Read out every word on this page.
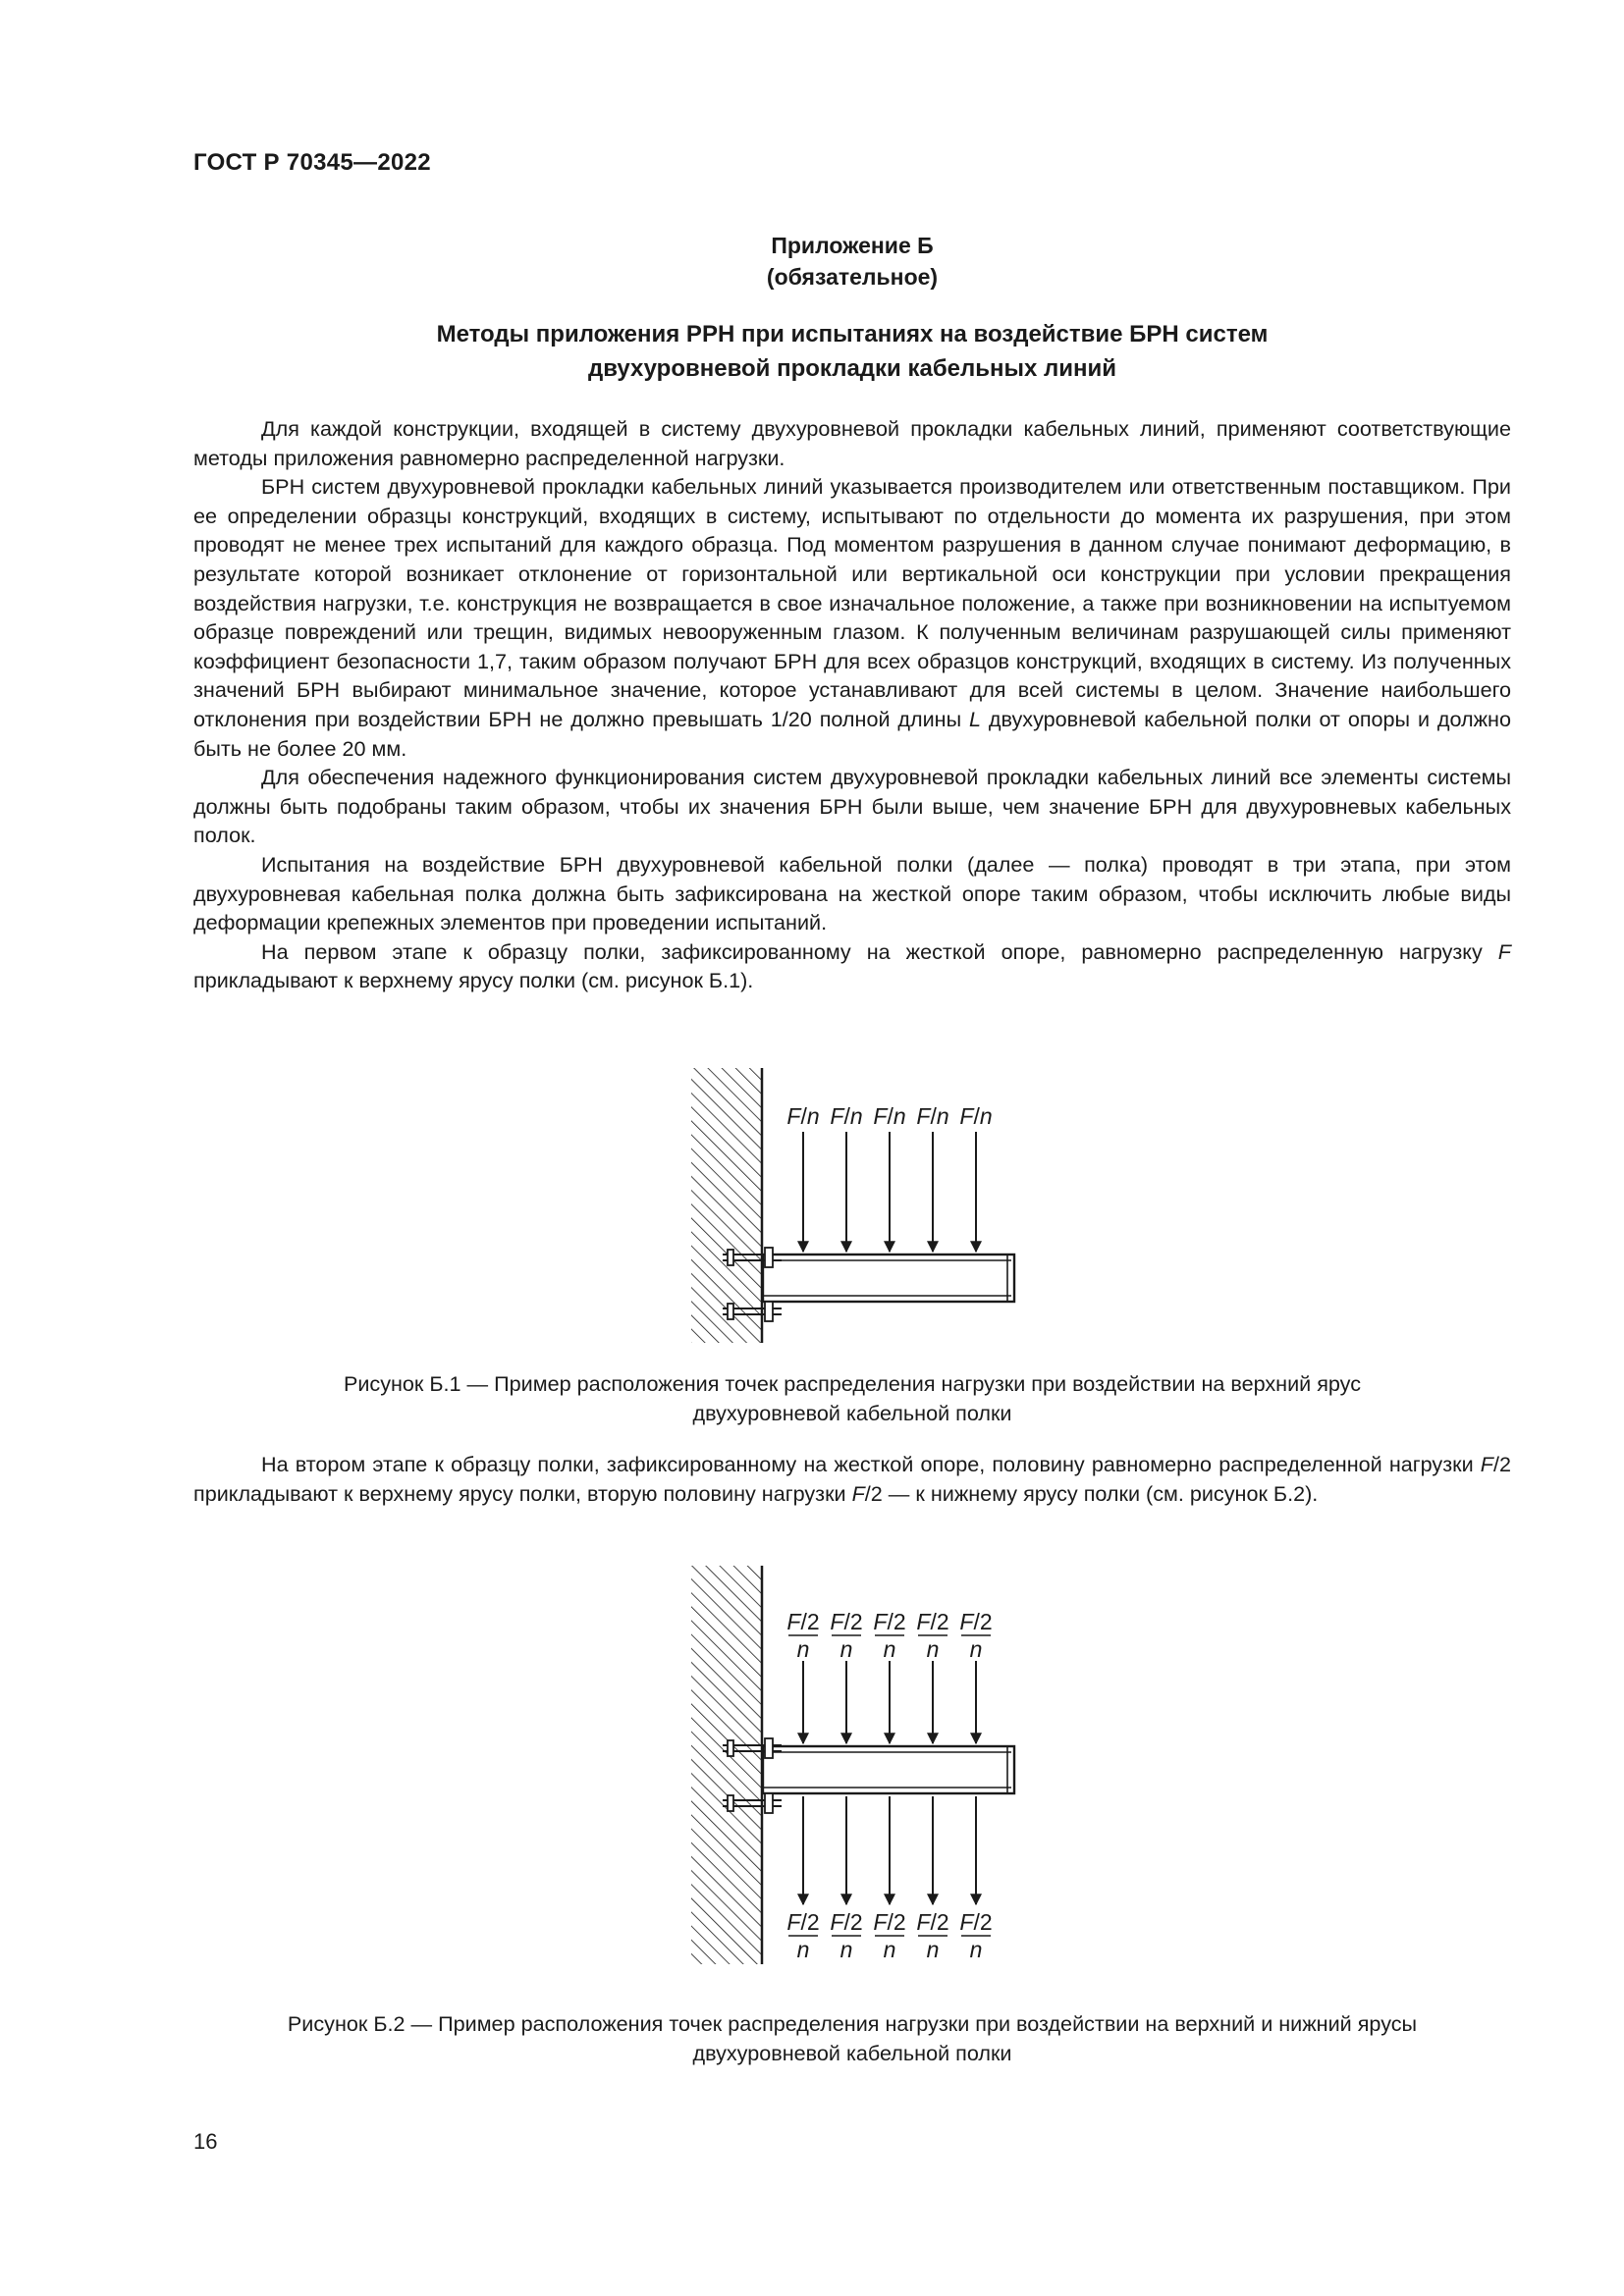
ГОСТ Р 70345—2022
Приложение Б
(обязательное)
Методы приложения РРН при испытаниях на воздействие БРН систем
двухуровневой прокладки кабельных линий

Для каждой конструкции, входящей в систему двухуровневой прокладки кабельных линий, применяют соответствующие методы приложения равномерно распределенной нагрузки.

БРН систем двухуровневой прокладки кабельных линий указывается производителем или ответственным поставщиком. При ее определении образцы конструкций, входящих в систему, испытывают по отдельности до момента их разрушения, при этом проводят не менее трех испытаний для каждого образца. Под моментом разрушения в данном случае понимают деформацию, в результате которой возникает отклонение от горизонтальной или вертикальной оси конструкции при условии прекращения воздействия нагрузки, т.е. конструкция не возвращается в свое изначальное положение, а также при возникновении на испытуемом образце повреждений или трещин, видимых невооруженным глазом. К полученным величинам разрушающей силы применяют коэффициент безопасности 1,7, таким образом получают БРН для всех образцов конструкций, входящих в систему. Из полученных значений БРН выбирают минимальное значение, которое устанавливают для всей системы в целом. Значение наибольшего отклонения при воздействии БРН не должно превышать 1/20 полной длины L двухуровневой кабельной полки от опоры и должно быть не более 20 мм.

Для обеспечения надежного функционирования систем двухуровневой прокладки кабельных линий все элементы системы должны быть подобраны таким образом, чтобы их значения БРН были выше, чем значение БРН для двухуровневых кабельных полок.

Испытания на воздействие БРН двухуровневой кабельной полки (далее — полка) проводят в три этапа, при этом двухуровневая кабельная полка должна быть зафиксирована на жесткой опоре таким образом, чтобы исключить любые виды деформации крепежных элементов при проведении испытаний.

На первом этапе к образцу полки, зафиксированному на жесткой опоре, равномерно распределенную нагрузку F прикладывают к верхнему ярусу полки (см. рисунок Б.1).

F/n F/n F/n F/n F/n
Рисунок Б.1 — Пример расположения точек распределения нагрузки при воздействии на верхний ярус
двухуровневой кабельной полки

На втором этапе к образцу полки, зафиксированному на жесткой опоре, половину равномерно распределенной нагрузки F/2 прикладывают к верхнему ярусу полки, вторую половину нагрузки F/2 — к нижнему ярусу полки (см. рисунок Б.2).

F/2
n
F/2
n
F/2
n
F/2
n
F/2
n
F/2
n
F/2
n
F/2
n
F/2
n
F/2
n
Рисунок Б.2 — Пример расположения точек распределения нагрузки при воздействии на верхний и нижний ярусы
двухуровневой кабельной полки
16
